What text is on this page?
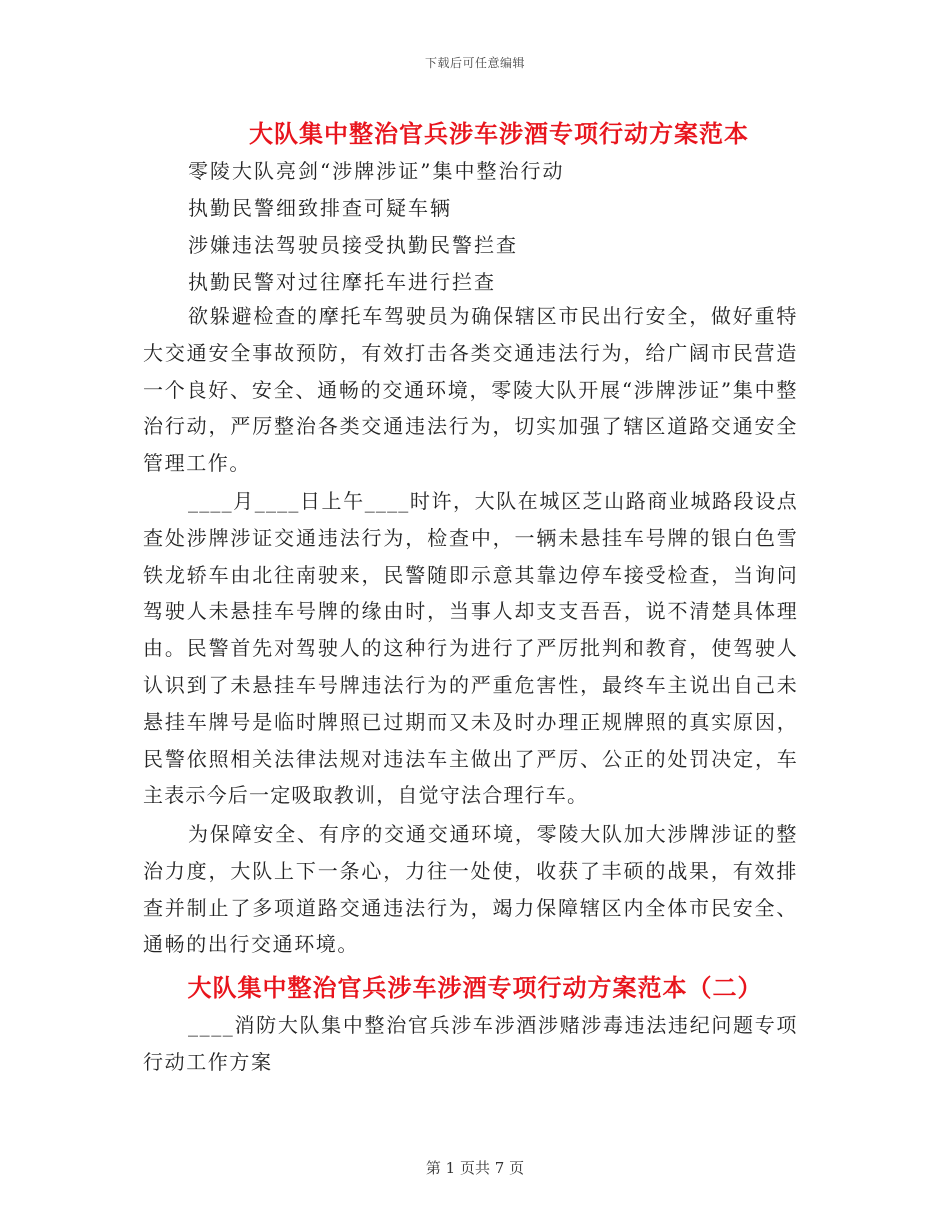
下载后可任意编辑
大队集中整治官兵涉车涉酒专项行动方案范本
零陵大队亮剑“涉牌涉证”集中整治行动
执勤民警细致排查可疑车辆
涉嫌违法驾驶员接受执勤民警拦查
执勤民警对过往摩托车进行拦查

欲躲避检查的摩托车驾驶员为确保辖区市民出行安全，做好重特大交通安全事故预防，有效打击各类交通违法行为，给广阔市民营造一个良好、安全、通畅的交通环境，零陵大队开展“涉牌涉证”集中整治行动，严厉整治各类交通违法行为，切实加强了辖区道路交通安全管理工作。

____月____日上午____时许，大队在城区芝山路商业城路段设点查处涉牌涉证交通违法行为，检查中，一辆未悬挂车号牌的银白色雪铁龙轿车由北往南驶来，民警随即示意其靠边停车接受检查，当询问驾驶人未悬挂车号牌的缘由时，当事人却支支吾吾，说不清楚具体理由。民警首先对驾驶人的这种行为进行了严厉批判和教育，使驾驶人认识到了未悬挂车号牌违法行为的严重危害性，最终车主说出自己未悬挂车牌号是临时牌照已过期而又未及时办理正规牌照的真实原因，民警依照相关法律法规对违法车主做出了严厉、公正的处罚决定，车主表示今后一定吸取教训，自觉守法合理行车。

为保障安全、有序的交通交通环境，零陵大队加大涉牌涉证的整治力度，大队上下一条心，力往一处使，收获了丰硕的战果，有效排查并制止了多项道路交通违法行为，竭力保障辖区内全体市民安全、通畅的出行交通环境。

大队集中整治官兵涉车涉酒专项行动方案范本（二）

____消防大队集中整治官兵涉车涉酒涉赌涉毒违法违纪问题专项行动工作方案

第 1 页共 7 页
